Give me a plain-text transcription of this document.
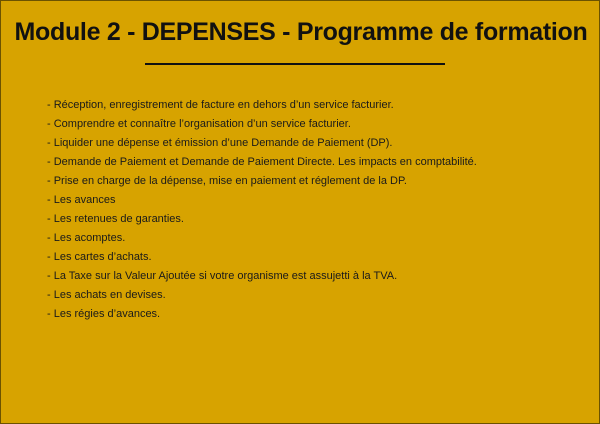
Module 2 - DEPENSES - Programme de formation
- Réception, enregistrement de facture en dehors d’un service facturier.
- Comprendre et connaître l’organisation d’un service facturier.
- Liquider une dépense et émission d’une Demande de Paiement (DP).
- Demande de Paiement et Demande de Paiement Directe. Les impacts en comptabilité.
- Prise en charge de la dépense, mise en paiement et réglement de la DP.
- Les avances
- Les retenues de garanties.
- Les acomptes.
- Les cartes d’achats.
- La Taxe sur la Valeur Ajoutée si votre organisme est assujetti à la TVA.
- Les achats en devises.
- Les régies d’avances.
